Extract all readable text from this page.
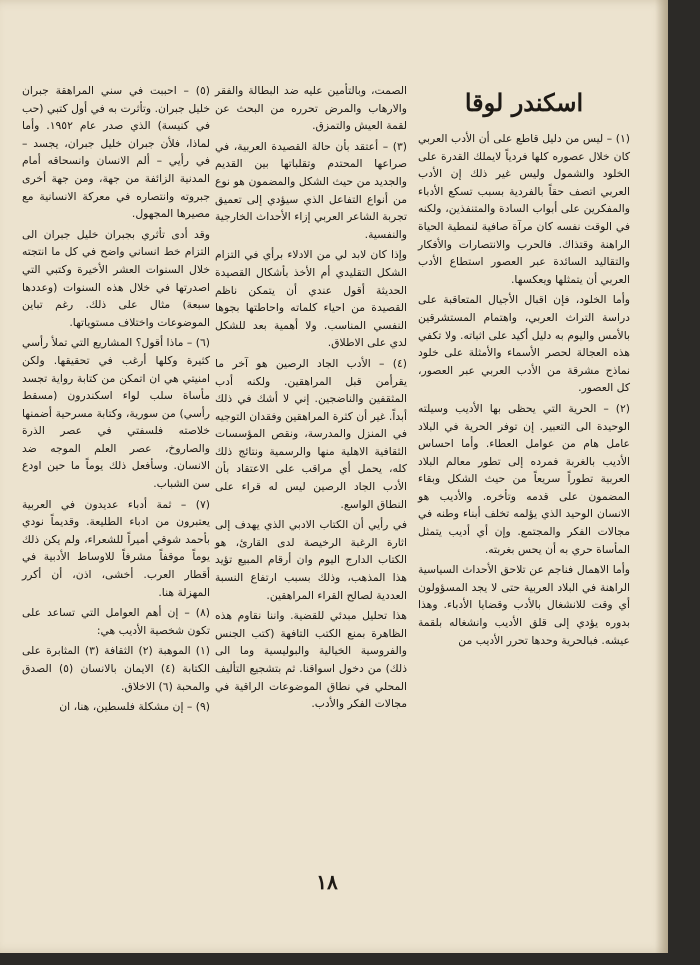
اسكندر لوقا

(١) – ليس من دليل قاطع على أن الأدب العربي كان خلال عصوره كلها فردياً لايملك القدرة على الخلود والشمول وليس غير ذلك إن الأدب العربي اتصف حقاً بالفردية بسبب تسكع الأدباء والمفكرين على أبواب السادة والمتنفذين، ولكنه في الوقت نفسه كان مرآة صافية لنمطية الحياة الراهنة وقتذاك. فالحرب والانتصارات والأفكار والتقاليد السائدة عبر العصور استطاع الأدب العربي أن يتمثلها ويعكسها.

وأما الخلود، فإن اقبال الأجيال المتعاقبة على دراسة التراث العربي، واهتمام المستشرقين بالأمس واليوم به دليل أكيد على اثباته. ولا تكفي هذه العجالة لحصر الأسماء والأمثلة على خلود نماذج مشرقة من الأدب العربي عبر العصور، كل العصور.

(٢) – الحرية التي يحظى بها الأديب وسيلته الوحيدة الى التعبير. إن توفر الحرية في البلاد عامل هام من عوامل العطاء. وأما احساس الأديب بالغربة فمرده إلى تطور معالم البلاد العربية تطوراً سريعاً من حيث الشكل وبقاء المضمون على قدمه وتأخره. والأديب هو الانسان الوحيد الذي يؤلمه تخلف أبناء وطنه في مجالات الفكر والمجتمع. وإن أي أديب يتمثل المأساة حري به أن يحس بغربته.

وأما الاهمال فناجم عن تلاحق الأحداث السياسية الراهنة في البلاد العربية حتى لا يجد المسؤولون أي وقت للانشغال بالأدب وقضايا الأدباء. وهذا بدوره يؤدي إلى قلق الأديب وانشغاله بلقمة عيشه. فبالحرية وحدها تحرر الأديب من

الصمت، وبالتأمين عليه ضد البطالة والفقر والارهاب والمرض تحرره من البحث عن لقمة العيش والتمزق.

(٣) – أعتقد بأن حالة القصيدة العربية، في صراعها المحتدم وتقلباتها بين القديم والجديد من حيث الشكل والمضمون هو نوع من أنواع التفاعل الذي سيؤدي إلى تعميق تجربة الشاعر العربي إزاء الأحداث الخارجية والنفسية.

وإذا كان لابد لي من الادلاء برأي في التزام الشكل التقليدي أم الأخذ بأشكال القصيدة الحديثة أقول عندي أن يتمكن ناظم القصيدة من احياء كلماته واحاطتها بجوها النفسي المناسب. ولا أهمية بعد للشكل لدي على الاطلاق.

(٤) – الأدب الجاد الرصين هو آخر ما يقرأمن قبل المراهقين. ولكنه أدب المثقفين والناضجين. إني لا أشك في ذلك أبداً. غير أن كثرة المراهقين وفقدان التوجيه في المنزل والمدرسة، ونقص المؤسسات الثقافية الاهلية منها والرسمية ونتائج ذلك كله، يحمل أي مراقب على الاعتقاد بأن الأدب الجاد الرصين ليس له قراء على النطاق الواسع.

في رأيي أن الكتاب الادبي الذي يهدف إلى اثارة الرغبة الرخيصة لدى القارئ، هو الكتاب الدارج اليوم وان أرقام المبيع تؤيد هذا المذهب، وذلك بسبب ارتفاع النسبة العددية لصالح القراء المراهقين.

هذا تحليل مبدئي للقضية. واننا نقاوم هذه الظاهرة بمنع الكتب التافهة (كتب الجنس والفروسية الخيالية والبوليسية وما الى ذلك) من دخول اسواقنا. ثم بتشجيع التأليف المحلي في نطاق الموضوعات الراقية في مجالات الفكر والأدب.

(٥) – احببت في سني المراهقة جبران خليل جبران. وتأثرت به في أول كتبي (حب في كنيسة) الذي صدر عام ١٩٥٢. وأما لماذا، فلأن جبران خليل جبران، يجسد – في رأيي – ألم الانسان وانسحاقه أمام المدنية الزائفة من جهة، ومن جهة أخرى جبروته وانتصاره في معركة الانسانية مع مصيرها المجهول.

وقد أدى تأثري بجبران خليل جبران الى التزام خط انساني واضح في كل ما انتجته خلال السنوات العشر الأخيرة وكتبي التي اصدرتها في خلال هذه السنوات (وعددها سبعة) مثال على ذلك. رغم تباين الموضوعات واختلاف مستوياتها.

(٦) – ماذا أقول؟ المشاريع التي تملأ رأسي كثيرة وكلها أرغب في تحقيقها. ولكن امنيتي هي ان اتمكن من كتابة رواية تجسد مأساة سلب لواء اسكندرون (مسقط رأسي) من سورية، وكتابة مسرحية أضمنها خلاصته فلسفتي في عصر الذرة والصاروخ، عصر العلم الموجه ضد الانسان. وسأفعل ذلك يوماً ما حين اودع سن الشباب.

(٧) – ثمة أدباء عديدون في العربية يعتبرون من ادباء الطليعة. وقديماً نودي بأحمد شوقي أميراً للشعراء، ولم يكن ذلك يوماً موقفاً مشرفاً للاوساط الأدبية في أقطار العرب. أخشى، اذن، أن أكرر المهزلة هنا.

(٨) – إن أهم العوامل التي تساعد على تكون شخصية الأديب هي:

(١) الموهبة (٢) الثقافة (٣) المثابرة على الكتابة (٤) الايمان بالانسان (٥) الصدق والمحبة (٦) الاخلاق.

(٩) – إن مشكلة فلسطين، هنا، ان

١٨
